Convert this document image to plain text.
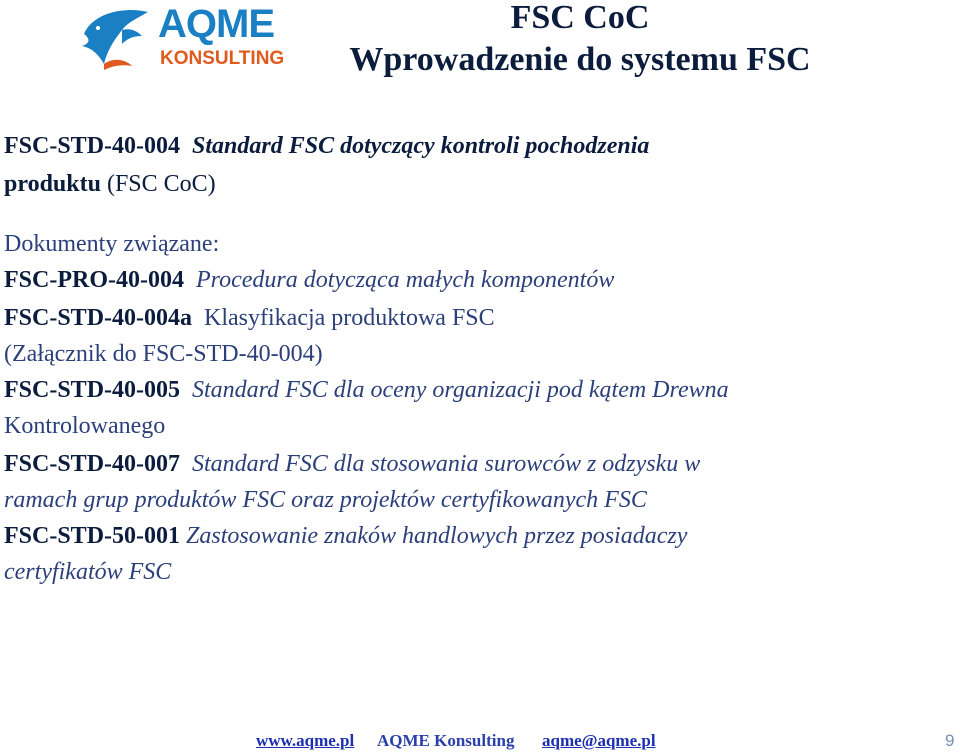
AQME
KONSULTING
FSC CoC
Wprowadzenie do systemu FSC
FSC-STD-40-004 Standard FSC dotyczący kontroli pochodzenia
produktu (FSC CoC)
Dokumenty związane:
FSC-PRO-40-004 Procedura dotycząca małych komponentów
FSC-STD-40-004a Klasyfikacja produktowa FSC
(Załącznik do FSC-STD-40-004)
FSC-STD-40-005 Standard FSC dla oceny organizacji pod kątem Drewna
Kontrolowanego
FSC-STD-40-007 Standard FSC dla stosowania surowców z odzysku w
ramach grup produktów FSC oraz projektów certyfikowanych FSC
FSC-STD-50-001 Zastosowanie znaków handlowych przez posiadaczy
certyfikatów FSC
www.aqme.pl AQME Konsulting aqme@aqme.pl	9
